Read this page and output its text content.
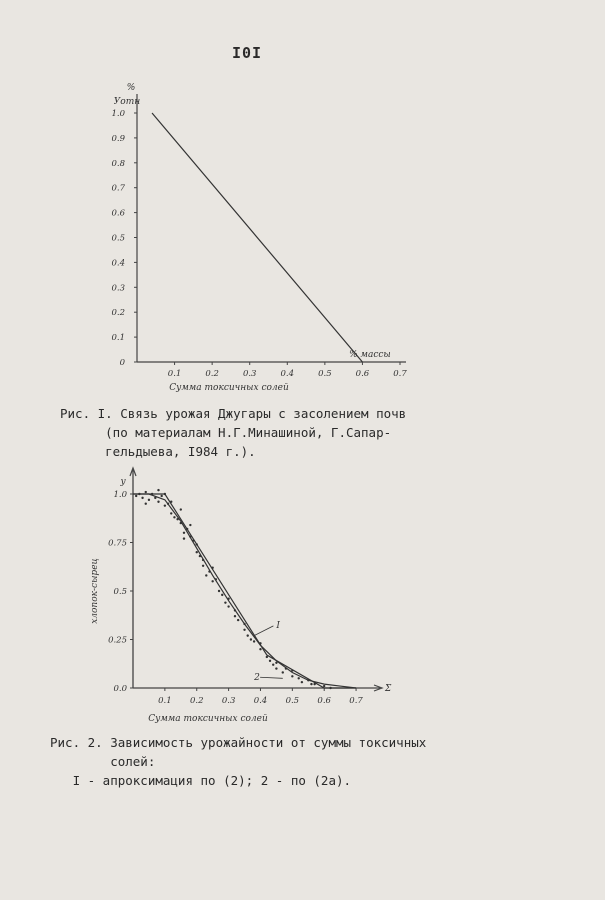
I0I
0
0.1
0.2
0.3
0.4
0.5
0.6
0.7
0.8
0.9
1.0
0.1	0.2	0.3	0.4	0.5	0.6	0.7
%
Уотн
% массы
Сумма токсичных солей
Рис. I. Связь урожая Джугары с засолением почв
(по материалам Н.Г.Минашиной, Г.Сапар-
гельдыева, I984 г.).
y
Σ
0.0
0.25
0.5
0.75
1.0
0.1 0.2 0.3 0.4 0.5 0.6 0.7
хлопок-сырец
Сумма токсичных солей
I
2
Рис. 2. Зависимость урожайности от суммы токсичных
солей:
I - апроксимация по (2); 2 - по (2а).
